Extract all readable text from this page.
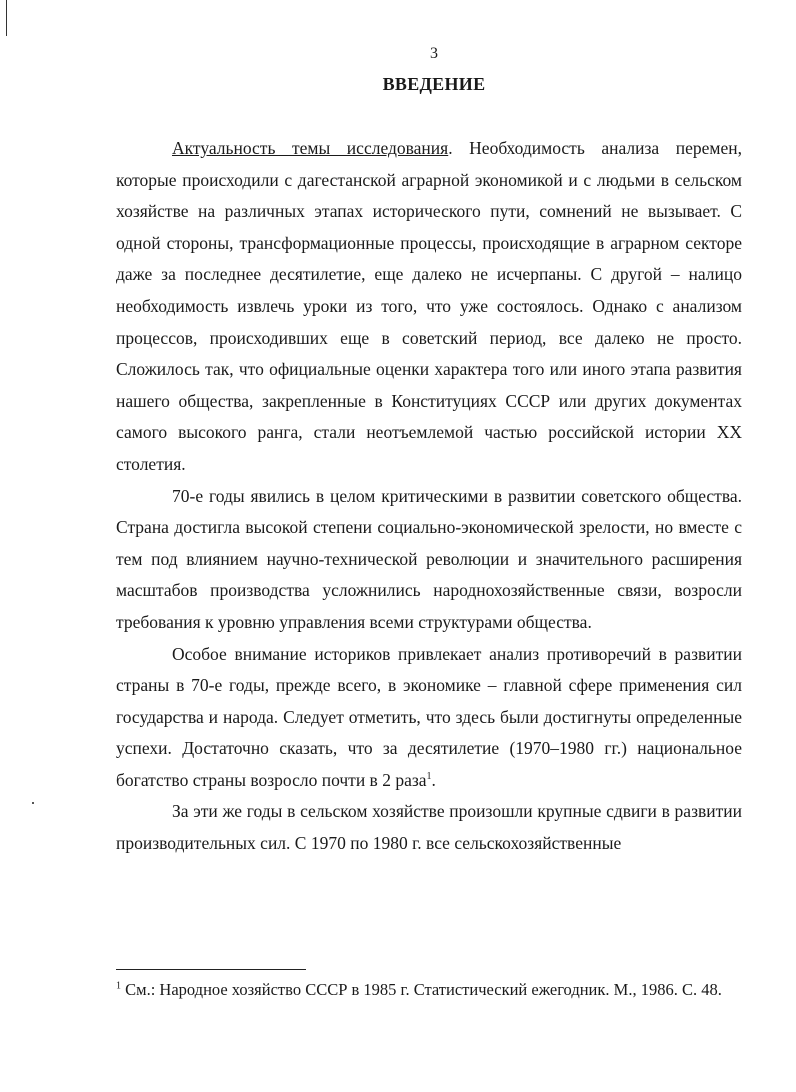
3
ВВЕДЕНИЕ

Актуальность темы исследования. Необходимость анализа перемен, которые происходили с дагестанской аграрной экономикой и с людьми в сельском хозяйстве на различных этапах исторического пути, сомнений не вызывает. С одной стороны, трансформационные процессы, происходящие в аграрном секторе даже за последнее десятилетие, еще далеко не исчерпаны. С другой – налицо необходимость извлечь уроки из того, что уже состоялось. Однако с анализом процессов, происходивших еще в советский период, все далеко не просто. Сложилось так, что официальные оценки характера того или иного этапа развития нашего общества, закрепленные в Конституциях СССР или других документах самого высокого ранга, стали неотъемлемой частью российской истории XX столетия.

70-е годы явились в целом критическими в развитии советского общества. Страна достигла высокой степени социально-экономической зрелости, но вместе с тем под влиянием научно-технической революции и значительного расширения масштабов производства усложнились народнохозяйственные связи, возросли требования к уровню управления всеми структурами общества.

Особое внимание историков привлекает анализ противоречий в развитии страны в 70-е годы, прежде всего, в экономике – главной сфере применения сил государства и народа. Следует отметить, что здесь были достигнуты определенные успехи. Достаточно сказать, что за десятилетие (1970–1980 гг.) национальное богатство страны возросло почти в 2 раза$^1$.

За эти же годы в сельском хозяйстве произошли крупные сдвиги в развитии производительных сил. С 1970 по 1980 г. все сельскохозяйственные

$^1$ См.: Народное хозяйство СССР в 1985 г. Статистический ежегодник. М., 1986. С. 48.
